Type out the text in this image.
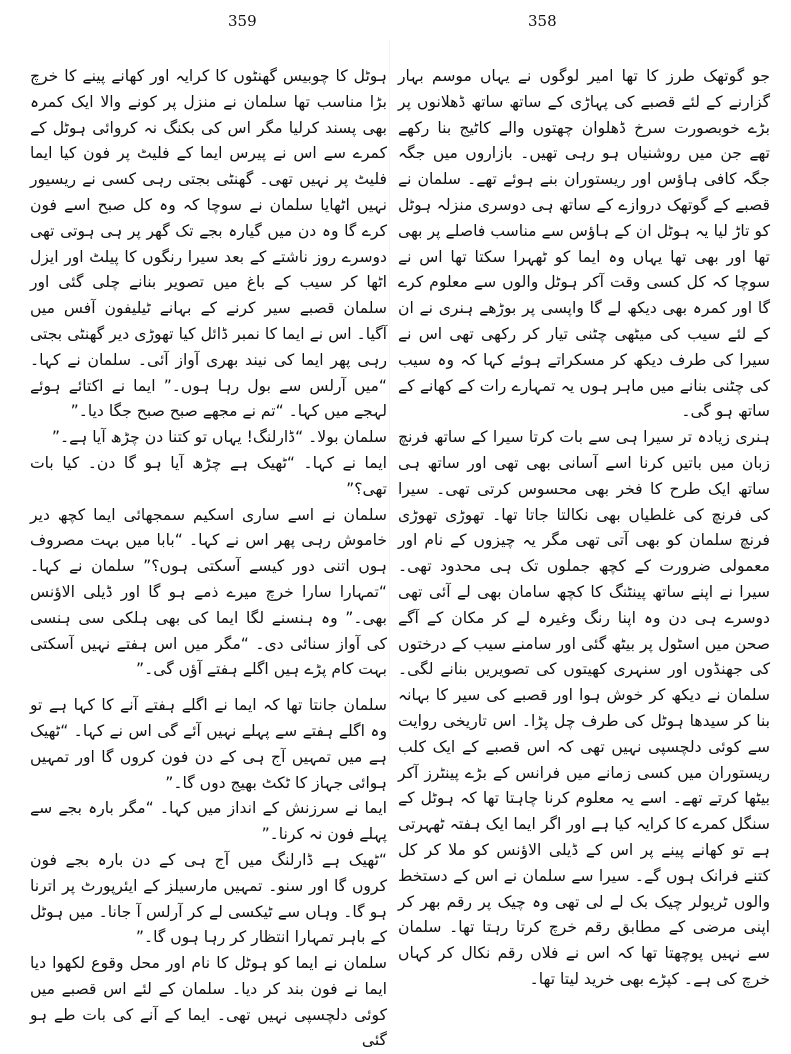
359	358

ہوٹل کا چوبیس گھنٹوں کا کرایہ اور کھانے پینے کا خرچ بڑا مناسب تھا سلمان نے منزل پر کونے والا ایک کمرہ بھی پسند کرلیا مگر اس کی بکنگ نہ کروائی ہوٹل کے کمرے سے اس نے پیرس ایما کے فلیٹ پر فون کیا ایما فلیٹ پر نہیں تھی۔ گھنٹی بجتی رہی کسی نے ریسیور نہیں اٹھایا سلمان نے سوچا کہ وہ کل صبح اسے فون کرے گا وہ دن میں گیارہ بجے تک گھر پر ہی ہوتی تھی دوسرے روز ناشتے کے بعد سیرا رنگوں کا پیلٹ اور ایزل اٹھا کر سیب کے باغ میں تصویر بنانے چلی گئی اور سلمان قصبے سیر کرنے کے بہانے ٹیلیفون آفس میں آگیا۔ اس نے ایما کا نمبر ڈائل کیا تھوڑی دیر گھنٹی بجتی رہی پھر ایما کی نیند بھری آواز آئی۔ سلمان نے کہا۔ “میں آرلس سے بول رہا ہوں۔” ایما نے اکتائے ہوئے لہجے میں کہا۔ “تم نے مجھے صبح صبح جگا دیا۔”

سلمان بولا۔ “ڈارلنگ! یہاں تو کتنا دن چڑھ آیا ہے۔”

ایما نے کہا۔ “ٹھیک ہے چڑھ آیا ہو گا دن۔ کیا بات تھی؟”

سلمان نے اسے ساری اسکیم سمجھائی ایما کچھ دیر خاموش رہی پھر اس نے کہا۔ “بابا میں بہت مصروف ہوں اتنی دور کیسے آسکتی ہوں؟” سلمان نے کہا۔ “تمہارا سارا خرچ میرے ذمے ہو گا اور ڈیلی الاؤنس بھی۔” وہ ہنسنے لگا ایما کی بھی ہلکی سی ہنسی کی آواز سنائی دی۔ “مگر میں اس ہفتے نہیں آسکتی بہت کام پڑے ہیں اگلے ہفتے آؤں گی۔”

سلمان جانتا تھا کہ ایما نے اگلے ہفتے آنے کا کہا ہے تو وہ اگلے ہفتے سے پہلے نہیں آئے گی اس نے کہا۔ “ٹھیک ہے میں تمہیں آج ہی کے دن فون کروں گا اور تمہیں ہوائی جہاز کا ٹکٹ بھیج دوں گا۔”

ایما نے سرزنش کے انداز میں کہا۔ “مگر بارہ بجے سے پہلے فون نہ کرنا۔”

“ٹھیک ہے ڈارلنگ میں آج ہی کے دن بارہ بجے فون کروں گا اور سنو۔ تمہیں مارسیلز کے ایئرپورٹ پر اترنا ہو گا۔ وہاں سے ٹیکسی لے کر آرلس آ جانا۔ میں ہوٹل کے باہر تمہارا انتظار کر رہا ہوں گا۔”

سلمان نے ایما کو ہوٹل کا نام اور محل وقوع لکھوا دیا ایما نے فون بند کر دیا۔ سلمان کے لئے اس قصبے میں کوئی دلچسپی نہیں تھی۔ ایما کے آنے کی بات طے ہو گئی

جو گوتھک طرز کا تھا امیر لوگوں نے یہاں موسم بہار گزارنے کے لئے قصبے کی پہاڑی کے ساتھ ساتھ ڈھلانوں پر بڑے خوبصورت سرخ ڈھلوان چھتوں والے کاٹیج بنا رکھے تھے جن میں روشنیاں ہو رہی تھیں۔ بازاروں میں جگہ جگہ کافی ہاؤس اور ریستوران بنے ہوئے تھے۔ سلمان نے قصبے کے گوتھک دروازے کے ساتھ ہی دوسری منزلہ ہوٹل کو تاڑ لیا یہ ہوٹل ان کے ہاؤس سے مناسب فاصلے پر بھی تھا اور بھی تھا یہاں وہ ایما کو ٹھہرا سکتا تھا اس نے سوچا کہ کل کسی وقت آکر ہوٹل والوں سے معلوم کرے گا اور کمرہ بھی دیکھ لے گا واپسی پر بوڑھے ہنری نے ان کے لئے سیب کی میٹھی چٹنی تیار کر رکھی تھی اس نے سیرا کی طرف دیکھ کر مسکراتے ہوئے کہا کہ وہ سیب کی چٹنی بنانے میں ماہر ہوں یہ تمہارے رات کے کھانے کے ساتھ ہو گی۔

ہنری زیادہ تر سیرا ہی سے بات کرتا سیرا کے ساتھ فرنچ زبان میں باتیں کرنا اسے آسانی بھی تھی اور ساتھ ہی ساتھ ایک طرح کا فخر بھی محسوس کرتی تھی۔ سیرا کی فرنچ کی غلطیاں بھی نکالتا جاتا تھا۔ تھوڑی تھوڑی فرنچ سلمان کو بھی آتی تھی مگر یہ چیزوں کے نام اور معمولی ضرورت کے کچھ جملوں تک ہی محدود تھی۔ سیرا نے اپنے ساتھ پینٹنگ کا کچھ سامان بھی لے آئی تھی دوسرے ہی دن وہ اپنا رنگ وغیرہ لے کر مکان کے آگے صحن میں اسٹول پر بیٹھ گئی اور سامنے سیب کے درختوں کی جھنڈوں اور سنہری کھیتوں کی تصویریں بنانے لگی۔ سلمان نے دیکھ کر خوش ہوا اور قصبے کی سیر کا بہانہ بنا کر سیدھا ہوٹل کی طرف چل پڑا۔ اس تاریخی روایت سے کوئی دلچسپی نہیں تھی کہ اس قصبے کے ایک کلب ریستوران میں کسی زمانے میں فرانس کے بڑے پینٹرز آکر بیٹھا کرتے تھے۔ اسے یہ معلوم کرنا چاہتا تھا کہ ہوٹل کے سنگل کمرے کا کرایہ کیا ہے اور اگر ایما ایک ہفتہ ٹھہرتی ہے تو کھانے پینے پر اس کے ڈیلی الاؤنس کو ملا کر کل کتنے فرانک ہوں گے۔ سیرا سے سلمان نے اس کے دستخط والوں ٹریولر چیک بک لے لی تھی وہ چیک پر رقم بھر کر اپنی مرضی کے مطابق رقم خرچ کرتا رہتا تھا۔ سلمان سے نہیں پوچھتا تھا کہ اس نے فلاں رقم نکال کر کہاں خرچ کی ہے۔ کپڑے بھی خرید لیتا تھا۔
